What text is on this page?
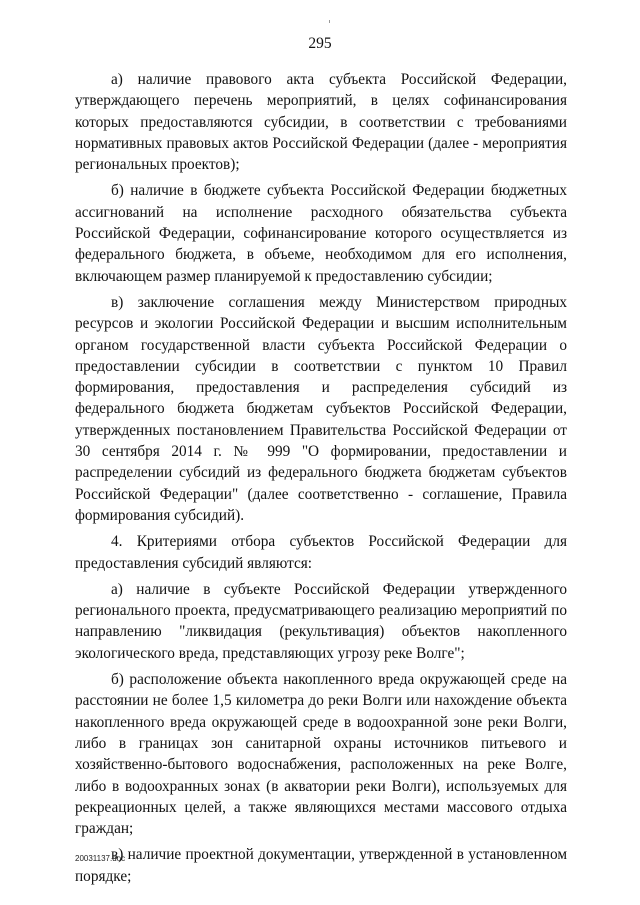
295

а) наличие правового акта субъекта Российской Федерации, утверждающего перечень мероприятий, в целях софинансирования которых предоставляются субсидии, в соответствии с требованиями нормативных правовых актов Российской Федерации (далее - мероприятия региональных проектов);

б) наличие в бюджете субъекта Российской Федерации бюджетных ассигнований на исполнение расходного обязательства субъекта Российской Федерации, софинансирование которого осуществляется из федерального бюджета, в объеме, необходимом для его исполнения, включающем размер планируемой к предоставлению субсидии;

в) заключение соглашения между Министерством природных ресурсов и экологии Российской Федерации и высшим исполнительным органом государственной власти субъекта Российской Федерации о предоставлении субсидии в соответствии с пунктом 10 Правил формирования, предоставления и распределения субсидий из федерального бюджета бюджетам субъектов Российской Федерации, утвержденных постановлением Правительства Российской Федерации от 30 сентября 2014 г. № 999 "О формировании, предоставлении и распределении субсидий из федерального бюджета бюджетам субъектов Российской Федерации" (далее соответственно - соглашение, Правила формирования субсидий).

4. Критериями отбора субъектов Российской Федерации для предоставления субсидий являются:

а) наличие в субъекте Российской Федерации утвержденного регионального проекта, предусматривающего реализацию мероприятий по направлению "ликвидация (рекультивация) объектов накопленного экологического вреда, представляющих угрозу реке Волге";

б) расположение объекта накопленного вреда окружающей среде на расстоянии не более 1,5 километра до реки Волги или нахождение объекта накопленного вреда окружающей среде в водоохранной зоне реки Волги, либо в границах зон санитарной охраны источников питьевого и хозяйственно-бытового водоснабжения, расположенных на реке Волге, либо в водоохранных зонах (в акватории реки Волги), используемых для рекреационных целей, а также являющихся местами массового отдыха граждан;

в) наличие проектной документации, утвержденной в установленном порядке;

20031137.doc
